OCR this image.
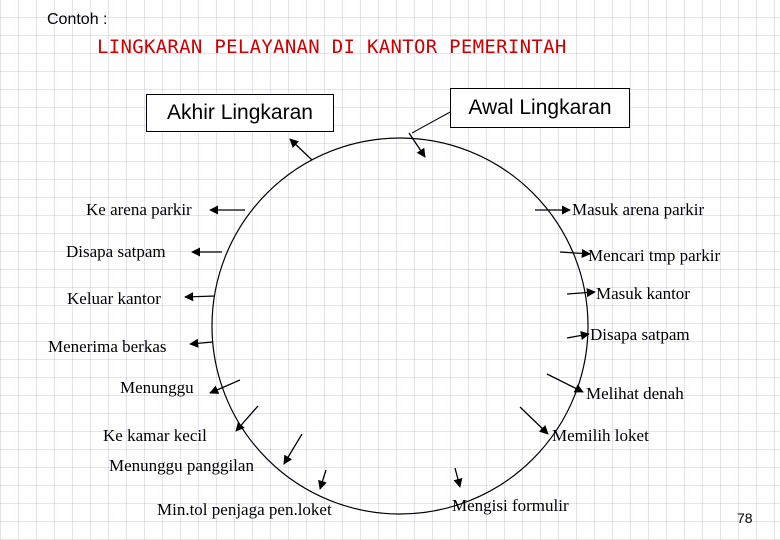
Contoh :
LINGKARAN PELAYANAN DI KANTOR PEMERINTAH
Akhir Lingkaran	Awal Lingkaran
Masuk arena parkir
Mencari tmp parkir
Masuk kantor
Disapa satpam
Melihat denah
Memilih loket
Mengisi formulir
Min.tol penjaga pen.loket
Menunggu panggilan
Ke kamar kecil
Menunggu
Menerima berkas
Keluar kantor
Disapa satpam
Ke arena parkir
78
